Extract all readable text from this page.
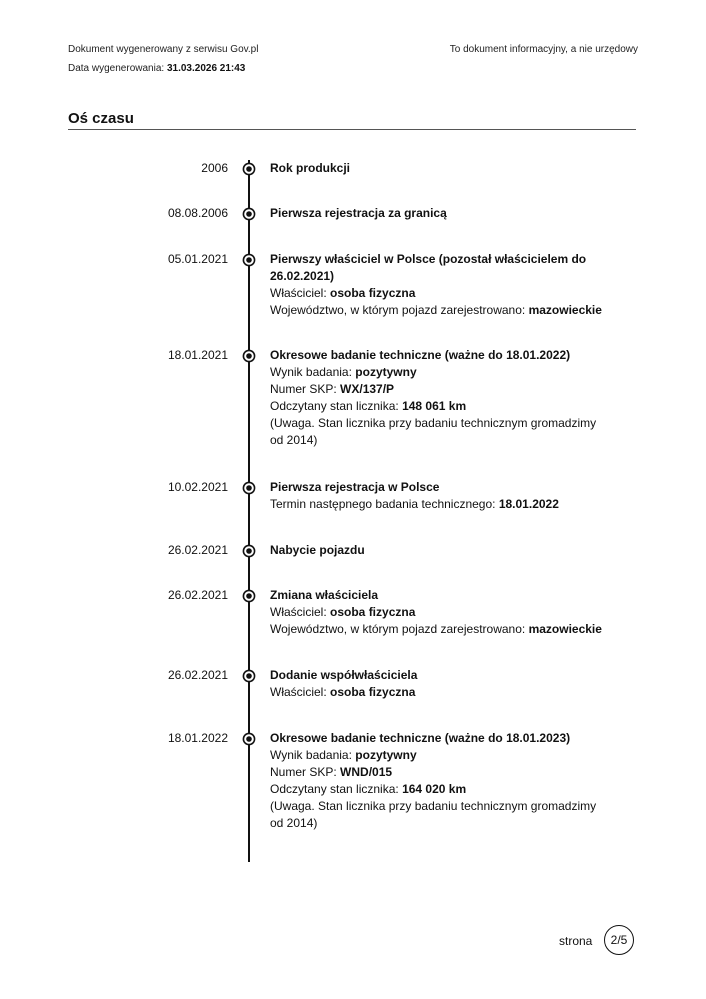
Dokument wygenerowany z serwisu Gov.pl
Data wygenerowania: 31.03.2026 21:43
To dokument informacyjny, a nie urzędowy
Oś czasu
2006	Rok produkcji
08.08.2006	Pierwsza rejestracja za granicą
05.01.2021	Pierwszy właściciel w Polsce (pozostał właścicielem do 26.02.2021)
Właściciel: osoba fizyczna
Województwo, w którym pojazd zarejestrowano: mazowieckie
18.01.2021	Okresowe badanie techniczne (ważne do 18.01.2022)
Wynik badania: pozytywny
Numer SKP: WX/137/P
Odczytany stan licznika: 148 061 km
(Uwaga. Stan licznika przy badaniu technicznym gromadzimy od 2014)
10.02.2021	Pierwsza rejestracja w Polsce
Termin następnego badania technicznego: 18.01.2022
26.02.2021	Nabycie pojazdu
26.02.2021	Zmiana właściciela
Właściciel: osoba fizyczna
Województwo, w którym pojazd zarejestrowano: mazowieckie
26.02.2021	Dodanie współwłaściciela
Właściciel: osoba fizyczna
18.01.2022	Okresowe badanie techniczne (ważne do 18.01.2023)
Wynik badania: pozytywny
Numer SKP: WND/015
Odczytany stan licznika: 164 020 km
(Uwaga. Stan licznika przy badaniu technicznym gromadzimy od 2014)
strona	2/5
